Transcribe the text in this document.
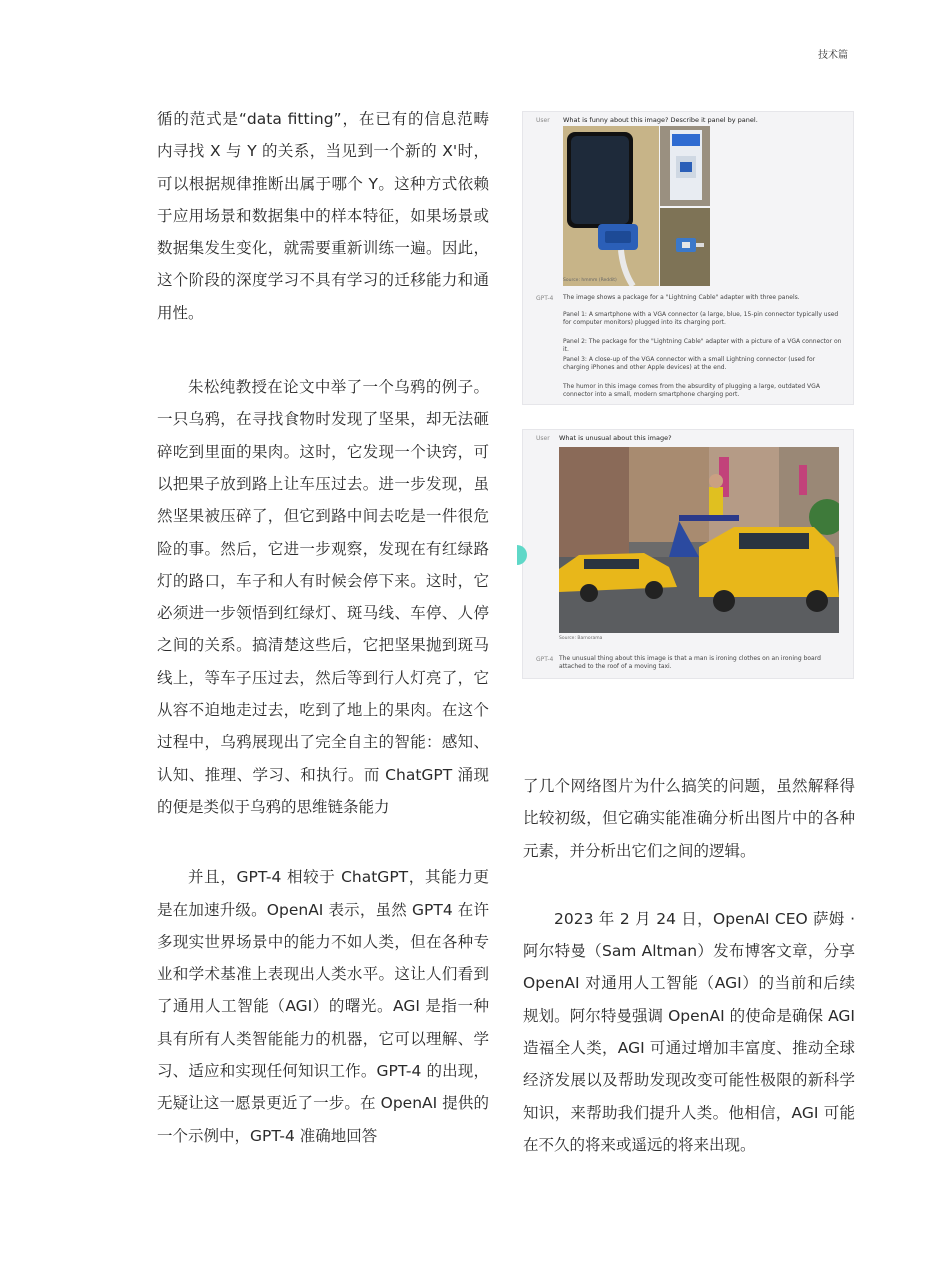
技术篇

循的范式是“data fitting”，在已有的信息范畴内寻找 X 与 Y 的关系，当见到一个新的 X'时，可以根据规律推断出属于哪个 Y。这种方式依赖于应用场景和数据集中的样本特征，如果场景或数据集发生变化，就需要重新训练一遍。因此，这个阶段的深度学习不具有学习的迁移能力和通用性。

朱松纯教授在论文中举了一个乌鸦的例子。一只乌鸦，在寻找食物时发现了坚果，却无法砸碎吃到里面的果肉。这时，它发现一个诀窍，可以把果子放到路上让车压过去。进一步发现，虽然坚果被压碎了，但它到路中间去吃是一件很危险的事。然后，它进一步观察，发现在有红绿路灯的路口，车子和人有时候会停下来。这时，它必须进一步领悟到红绿灯、斑马线、车停、人停之间的关系。搞清楚这些后，它把坚果抛到斑马线上，等车子压过去，然后等到行人灯亮了，它从容不迫地走过去，吃到了地上的果肉。在这个过程中，乌鸦展现出了完全自主的智能：感知、认知、推理、学习、和执行。而 ChatGPT 涌现的便是类似于乌鸦的思维链条能力

并且，GPT-4 相较于 ChatGPT，其能力更是在加速升级。OpenAI 表示，虽然 GPT4 在许多现实世界场景中的能力不如人类，但在各种专业和学术基准上表现出人类水平。这让人们看到了通用人工智能（AGI）的曙光。AGI 是指一种具有所有人类智能能力的机器，它可以理解、学习、适应和实现任何知识工作。GPT-4 的出现，无疑让这一愿景更近了一步。在 OpenAI 提供的一个示例中，GPT-4 准确地回答

User What is funny about this image? Describe it panel by panel.
Source: hmmm (Reddit)
GPT-4 The image shows a package for a "Lightning Cable" adapter with three panels.
Panel 1: A smartphone with a VGA connector (a large, blue, 15-pin connector typically used for computer monitors) plugged into its charging port.
Panel 2: The package for the "Lightning Cable" adapter with a picture of a VGA connector on it.
Panel 3: A close-up of the VGA connector with a small Lightning connector (used for charging iPhones and other Apple devices) at the end.
The humor in this image comes from the absurdity of plugging a large, outdated VGA connector into a small, modern smartphone charging port.
User What is unusual about this image?
Source: Barnorama
GPT-4 The unusual thing about this image is that a man is ironing clothes on an ironing board attached to the roof of a moving taxi.

了几个网络图片为什么搞笑的问题，虽然解释得比较初级，但它确实能准确分析出图片中的各种元素，并分析出它们之间的逻辑。

2023 年 2 月 24 日，OpenAI CEO 萨姆 · 阿尔特曼（Sam Altman）发布博客文章，分享OpenAI 对通用人工智能（AGI）的当前和后续规划。阿尔特曼强调 OpenAI 的使命是确保 AGI 造福全人类，AGI 可通过增加丰富度、推动全球经济发展以及帮助发现改变可能性极限的新科学知识，来帮助我们提升人类。他相信，AGI 可能在不久的将来或遥远的将来出现。
